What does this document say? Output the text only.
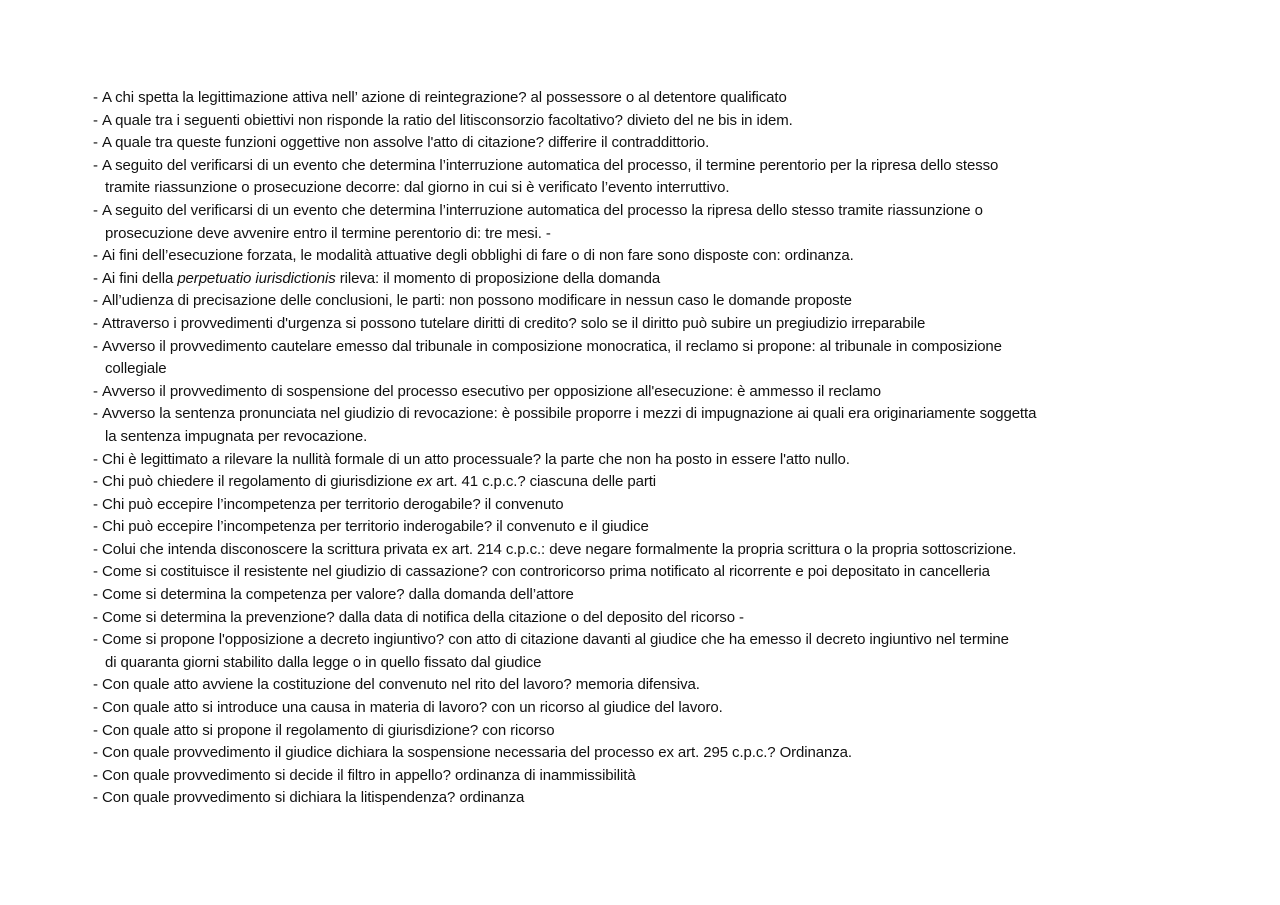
- A chi spetta la legittimazione attiva nell’ azione di reintegrazione? al possessore o al detentore qualificato
- A quale tra i seguenti obiettivi non risponde la ratio del litisconsorzio facoltativo? divieto del ne bis in idem.
- A quale tra queste funzioni oggettive non assolve l'atto di citazione? differire il contraddittorio.
- A seguito del verificarsi di un evento che determina l’interruzione automatica del processo, il termine perentorio per la ripresa dello stesso
tramite riassunzione o prosecuzione decorre: dal giorno in cui si è verificato l’evento interruttivo.
- A seguito del verificarsi di un evento che determina l’interruzione automatica del processo la ripresa dello stesso tramite riassunzione o
prosecuzione deve avvenire entro il termine perentorio di: tre mesi. -
- Ai fini dell’esecuzione forzata, le modalità attuative degli obblighi di fare o di non fare sono disposte con: ordinanza.
- Ai fini della perpetuatio iurisdictionis rileva: il momento di proposizione della domanda
- All’udienza di precisazione delle conclusioni, le parti: non possono modificare in nessun caso le domande proposte
- Attraverso i provvedimenti d'urgenza si possono tutelare diritti di credito? solo se il diritto può subire un pregiudizio irreparabile
- Avverso il provvedimento cautelare emesso dal tribunale in composizione monocratica, il reclamo si propone: al tribunale in composizione
collegiale
- Avverso il provvedimento di sospensione del processo esecutivo per opposizione all'esecuzione: è ammesso il reclamo
- Avverso la sentenza pronunciata nel giudizio di revocazione: è possibile proporre i mezzi di impugnazione ai quali era originariamente soggetta
la sentenza impugnata per revocazione.
- Chi è legittimato a rilevare la nullità formale di un atto processuale? la parte che non ha posto in essere l'atto nullo.
- Chi può chiedere il regolamento di giurisdizione ex art. 41 c.p.c.? ciascuna delle parti
- Chi può eccepire l’incompetenza per territorio derogabile? il convenuto
- Chi può eccepire l’incompetenza per territorio inderogabile? il convenuto e il giudice
- Colui che intenda disconoscere la scrittura privata ex art. 214 c.p.c.: deve negare formalmente la propria scrittura o la propria sottoscrizione.
- Come si costituisce il resistente nel giudizio di cassazione? con controricorso prima notificato al ricorrente e poi depositato in cancelleria
- Come si determina la competenza per valore? dalla domanda dell’attore
- Come si determina la prevenzione? dalla data di notifica della citazione o del deposito del ricorso -
- Come si propone l'opposizione a decreto ingiuntivo? con atto di citazione davanti al giudice che ha emesso il decreto ingiuntivo nel termine
di quaranta giorni stabilito dalla legge o in quello fissato dal giudice
- Con quale atto avviene la costituzione del convenuto nel rito del lavoro? memoria difensiva.
- Con quale atto si introduce una causa in materia di lavoro? con un ricorso al giudice del lavoro.
- Con quale atto si propone il regolamento di giurisdizione? con ricorso
- Con quale provvedimento il giudice dichiara la sospensione necessaria del processo ex art. 295 c.p.c.? Ordinanza.
- Con quale provvedimento si decide il filtro in appello? ordinanza di inammissibilità
- Con quale provvedimento si dichiara la litispendenza? ordinanza
